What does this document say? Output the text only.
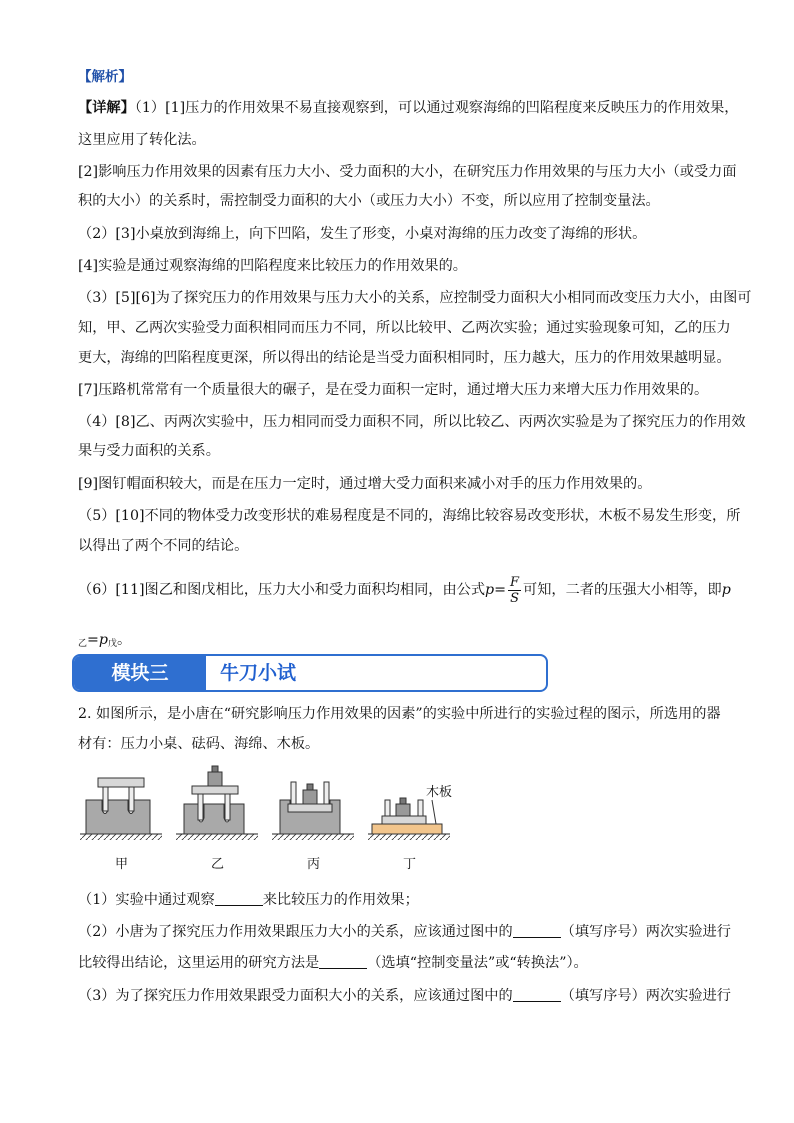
【解析】
【详解】（1）[1]压力的作用效果不易直接观察到，可以通过观察海绵的凹陷程度来反映压力的作用效果，
这里应用了转化法。
[2]影响压力作用效果的因素有压力大小、受力面积的大小，在研究压力作用效果的与压力大小（或受力面
积的大小）的关系时，需控制受力面积的大小（或压力大小）不变，所以应用了控制变量法。
（2）[3]小桌放到海绵上，向下凹陷，发生了形变，小桌对海绵的压力改变了海绵的形状。
[4]实验是通过观察海绵的凹陷程度来比较压力的作用效果的。
（3）[5][6]为了探究压力的作用效果与压力大小的关系，应控制受力面积大小相同而改变压力大小，由图可
知，甲、乙两次实验受力面积相同而压力不同，所以比较甲、乙两次实验；通过实验现象可知，乙的压力
更大，海绵的凹陷程度更深，所以得出的结论是当受力面积相同时，压力越大，压力的作用效果越明显。
[7]压路机常常有一个质量很大的碾子，是在受力面积一定时，通过增大压力来增大压力作用效果的。
（4）[8]乙、丙两次实验中，压力相同而受力面积不同，所以比较乙、丙两次实验是为了探究压力的作用效
果与受力面积的关系。
[9]图钉帽面积较大，而是在压力一定时，通过增大受力面积来减小对手的压力作用效果的。
（5）[10]不同的物体受力改变形状的难易程度是不同的，海绵比较容易改变形状，木板不易发生形变，所
以得出了两个不同的结论。
（6）[11]图乙和图戊相比，压力大小和受力面积均相同，由公式$p= \frac{F}{S}$ 可知，二者的压强大小相等，即p
$_乙=p_戊$。
模块三	牛刀小试
2. 如图所示，是小唐在“研究影响压力作用效果的因素”的实验中所进行的实验过程的图示，所选用的器
材有：压力小桌、砝码、海绵、木板。
木板
甲	乙	丙	丁
（1）实验中通过观察	来比较压力的作用效果；
（2）小唐为了探究压力作用效果跟压力大小的关系，应该通过图中的	（填写序号）两次实验进行
比较得出结论，这里运用的研究方法是	（选填“控制变量法”或“转换法”）。
（3）为了探究压力作用效果跟受力面积大小的关系，应该通过图中的	（填写序号）两次实验进行
